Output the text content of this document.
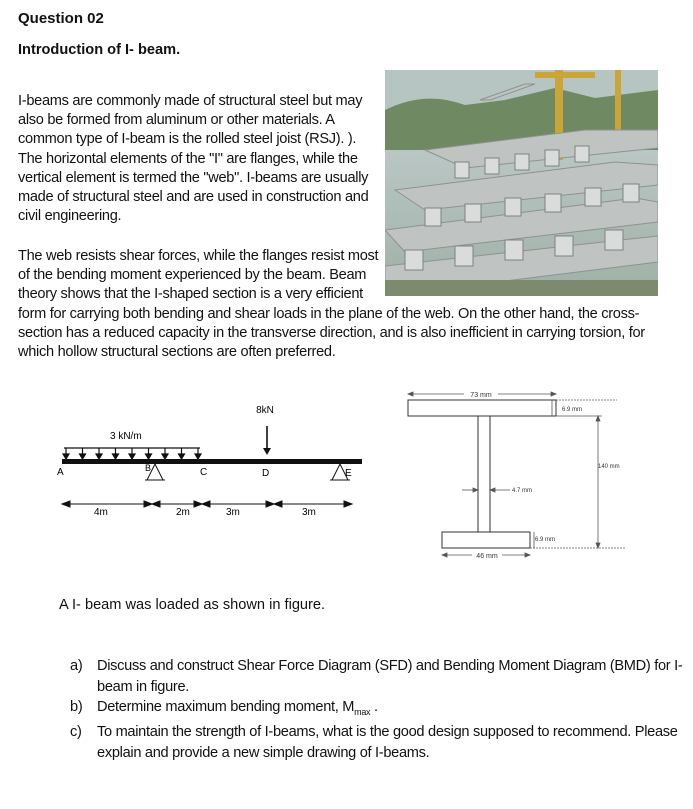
Question 02
Introduction of I- beam.
I-beams are commonly made of structural steel but may
also be formed from aluminum or other materials. A
common type of I-beam is the rolled steel joist (RSJ). ).
The horizontal elements of the "I" are flanges, while the
vertical element is termed the "web". I-beams are usually
made of structural steel and are used in construction and
civil engineering.
The web resists shear forces, while the flanges resist most
of the bending moment experienced by the beam. Beam
theory shows that the I-shaped section is a very efficient
form for carrying both bending and shear loads in the plane of the web. On the other hand, the cross-
section has a reduced capacity in the transverse direction, and is also inefficient in carrying torsion, for
which hollow structural sections are often preferred.
8kN
3 kN/m
A	B	C	D	E
4m	2m	3m	3m
73 mm
6.9 mm
140 mm
4.7 mm
6.9 mm
46 mm
A I- beam was loaded as shown in figure.
a) Discuss and construct Shear Force Diagram (SFD) and Bending Moment Diagram (BMD) for I-
beam in figure.
b) Determine maximum bending moment, $M_{max}$ .
c) To maintain the strength of I-beams, what is the good design supposed to recommend. Please
explain and provide a new simple drawing of I-beams.
